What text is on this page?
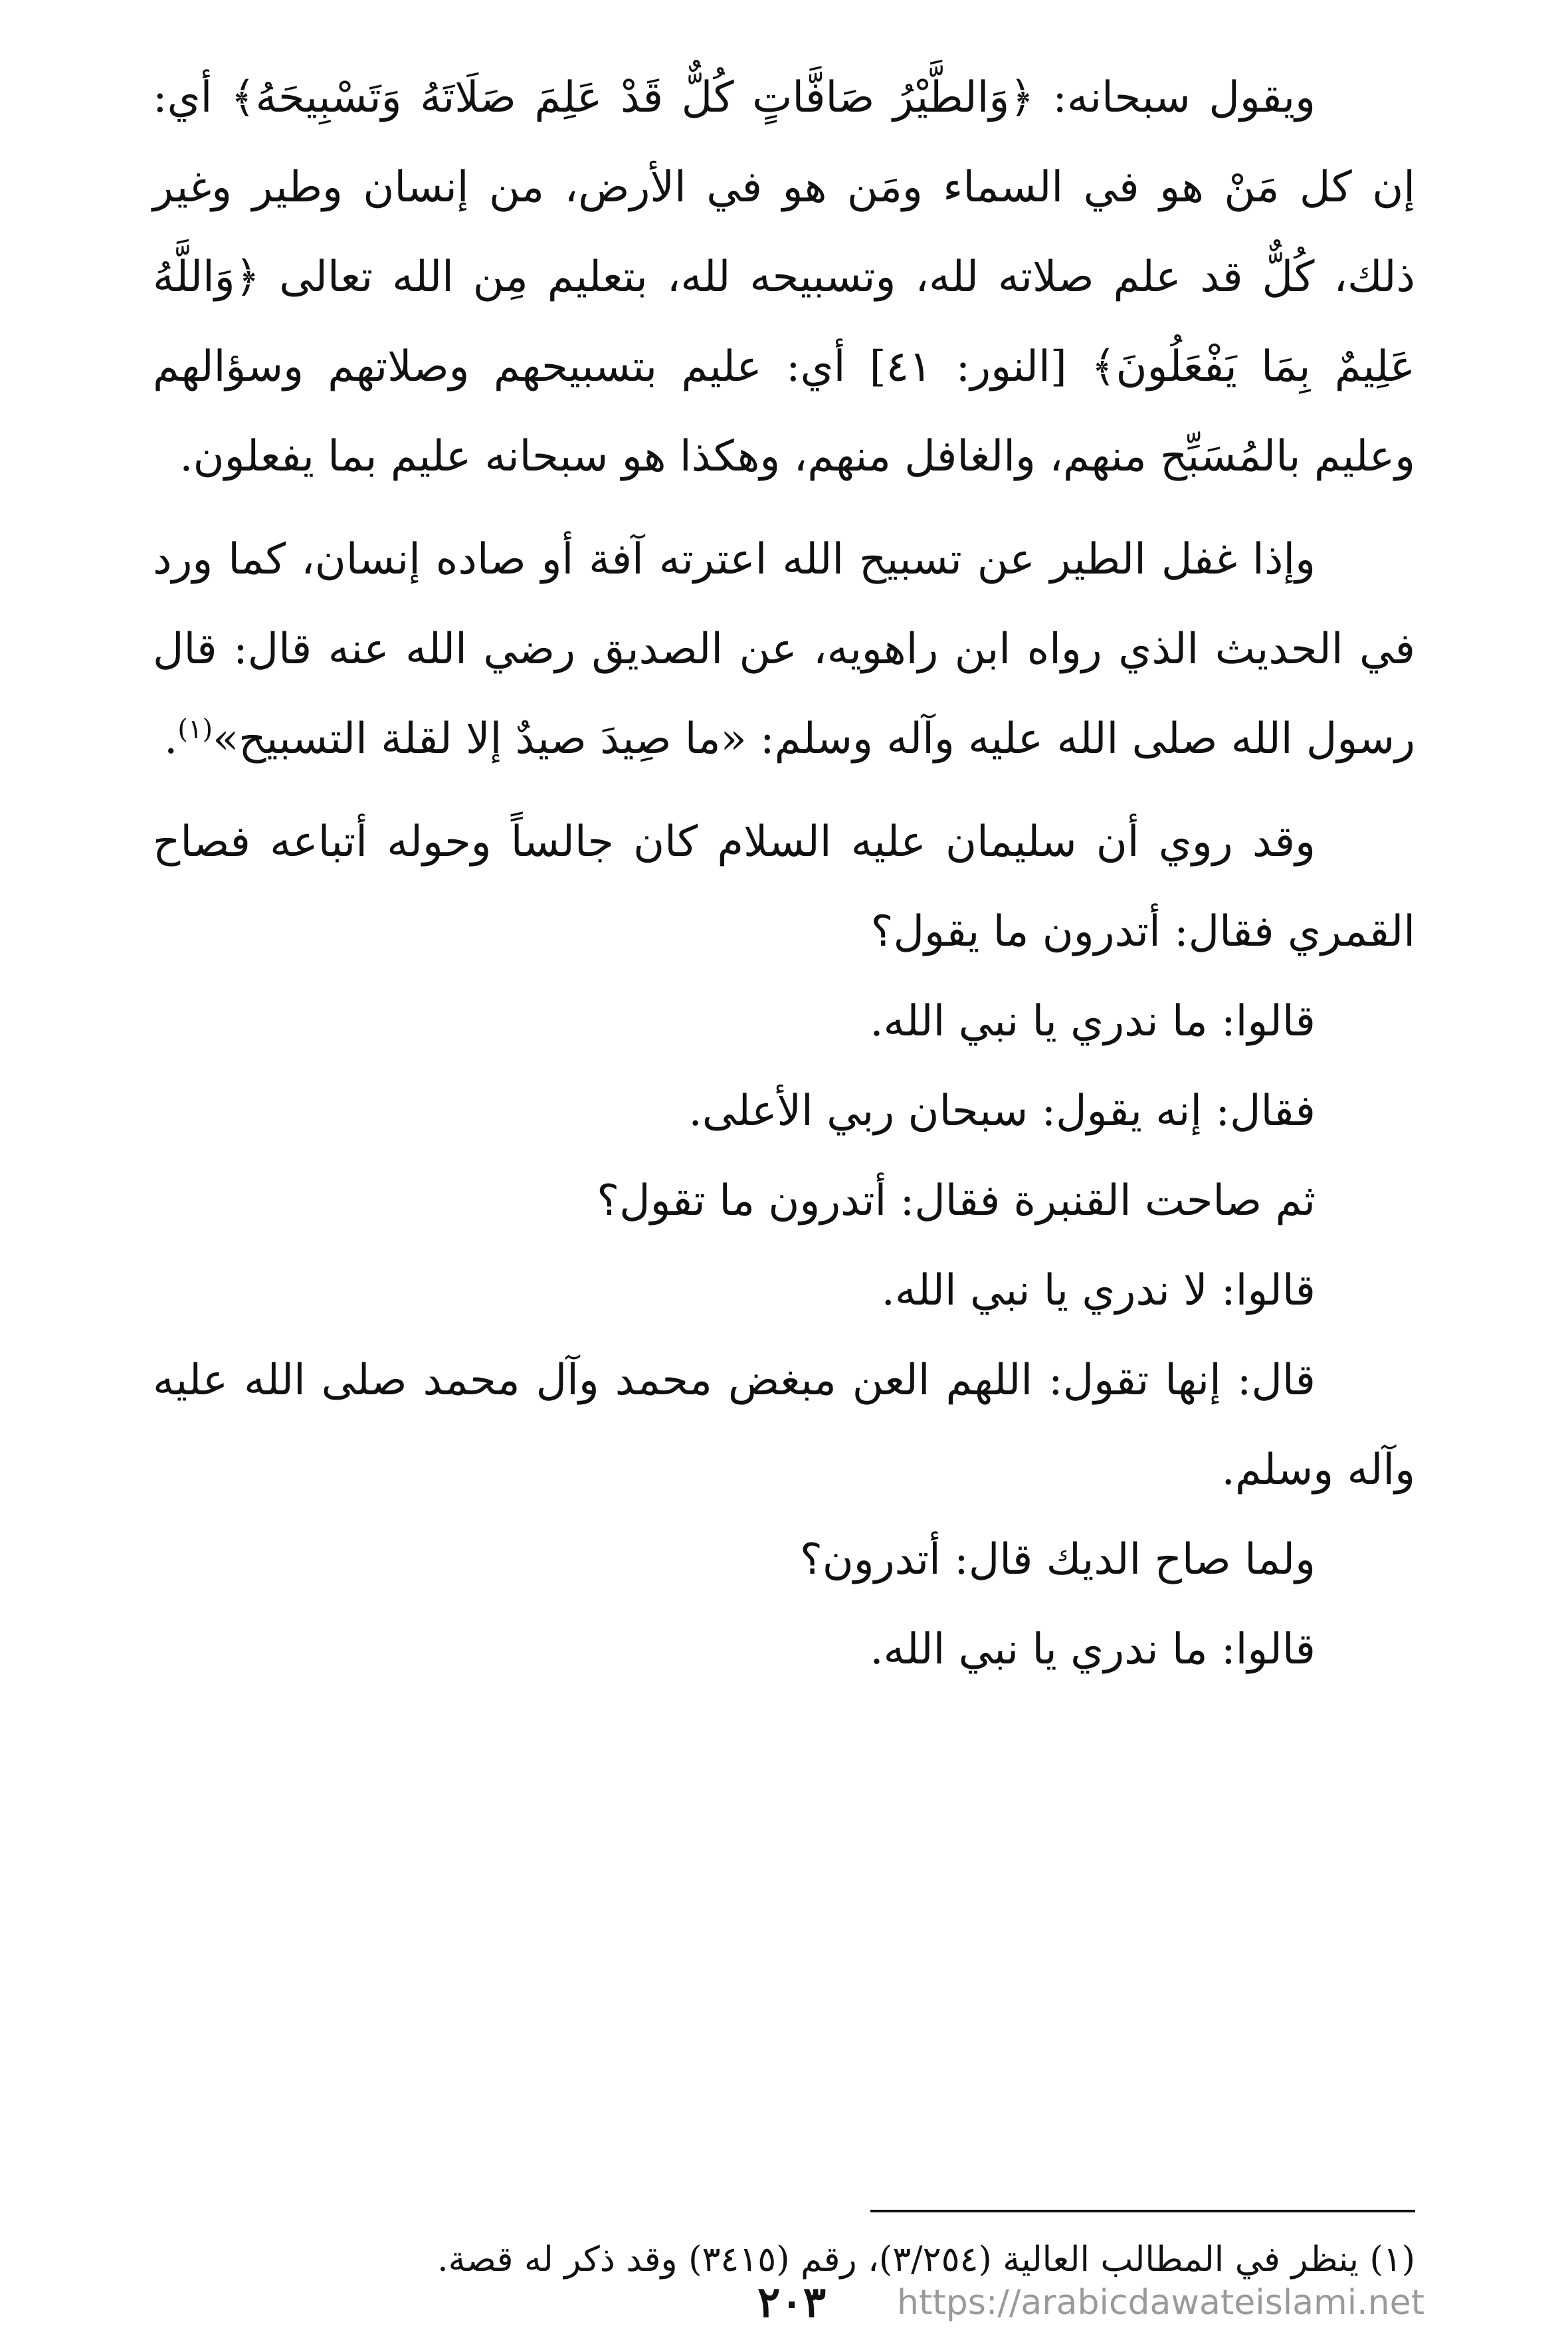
ويقول سبحانه: ﴿وَالطَّيْرُ صَافَّاتٍ كُلٌّ قَدْ عَلِمَ صَلَاتَهُ وَتَسْبِيحَهُ﴾ أي: إن كل مَنْ هو في السماء ومَن هو في الأرض، من إنسان وطير وغير ذلك، كُلٌّ قد علم صلاته لله، وتسبيحه لله، بتعليم مِن الله تعالى ﴿وَاللَّهُ عَلِيمٌ بِمَا يَفْعَلُونَ﴾ [النور: ٤١] أي: عليم بتسبيحهم وصلاتهم وسؤالهم وعليم بالمُسَبِّح منهم، والغافل منهم، وهكذا هو سبحانه عليم بما يفعلون.

وإذا غفل الطير عن تسبيح الله اعترته آفة أو صاده إنسان، كما ورد في الحديث الذي رواه ابن راهويه، عن الصديق رضي الله عنه قال: قال رسول الله صلى الله عليه وآله وسلم: «ما صِيدَ صيدٌ إلا لقلة التسبيح»$^{(١)}$.

وقد روي أن سليمان عليه السلام كان جالساً وحوله أتباعه فصاح القمري فقال: أتدرون ما يقول؟

قالوا: ما ندري يا نبي الله.

فقال: إنه يقول: سبحان ربي الأعلى.

ثم صاحت القنبرة فقال: أتدرون ما تقول؟

قالوا: لا ندري يا نبي الله.

قال: إنها تقول: اللهم العن مبغض محمد وآل محمد صلى الله عليه وآله وسلم.

ولما صاح الديك قال: أتدرون؟

قالوا: ما ندري يا نبي الله.

(١) ينظر في المطالب العالية (٣/٢٥٤)، رقم (٣٤١٥) وقد ذكر له قصة.
٢٠٣ https://arabicdawateislami.net
